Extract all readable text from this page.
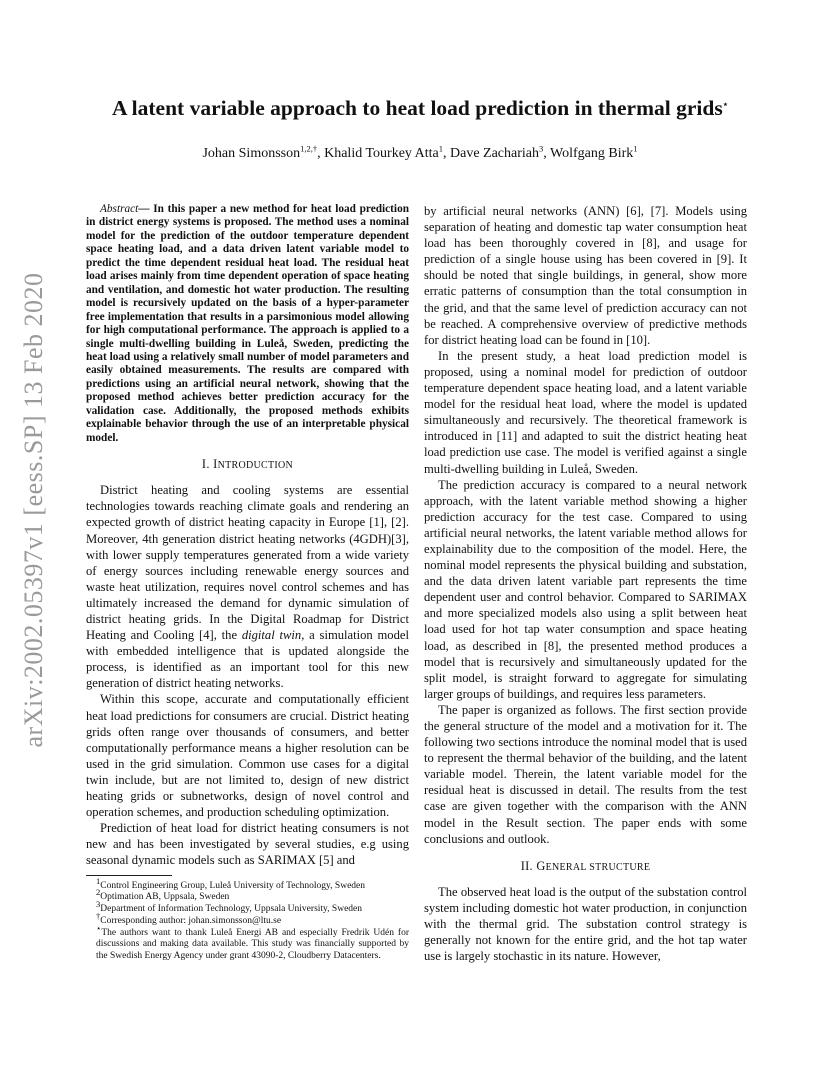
arXiv:2002.05397v1 [eess.SP] 13 Feb 2020
A latent variable approach to heat load prediction in thermal grids⋆
Johan Simonsson$^{1,2,\dagger}$, Khalid Tourkey Atta$^1$, Dave Zachariah$^3$, Wolfgang Birk$^1$

Abstract— In this paper a new method for heat load prediction in district energy systems is proposed. The method uses a nominal model for the prediction of the outdoor temperature dependent space heating load, and a data driven latent variable model to predict the time dependent residual heat load. The residual heat load arises mainly from time dependent operation of space heating and ventilation, and domestic hot water production. The resulting model is recursively updated on the basis of a hyper-parameter free implementation that results in a parsimonious model allowing for high computational performance. The approach is applied to a single multi-dwelling building in Luleå, Sweden, predicting the heat load using a relatively small number of model parameters and easily obtained measurements. The results are compared with predictions using an artificial neural network, showing that the proposed method achieves better prediction accuracy for the validation case. Additionally, the proposed methods exhibits explainable behavior through the use of an interpretable physical model.

I. INTRODUCTION

District heating and cooling systems are essential technologies towards reaching climate goals and rendering an expected growth of district heating capacity in Europe [1], [2]. Moreover, 4th generation district heating networks (4GDH)[3], with lower supply temperatures generated from a wide variety of energy sources including renewable energy sources and waste heat utilization, requires novel control schemes and has ultimately increased the demand for dynamic simulation of district heating grids. In the Digital Roadmap for District Heating and Cooling [4], the digital twin, a simulation model with embedded intelligence that is updated alongside the process, is identified as an important tool for this new generation of district heating networks.

Within this scope, accurate and computationally efficient heat load predictions for consumers are crucial. District heating grids often range over thousands of consumers, and better computationally performance means a higher resolution can be used in the grid simulation. Common use cases for a digital twin include, but are not limited to, design of new district heating grids or subnetworks, design of novel control and operation schemes, and production scheduling optimization.

Prediction of heat load for district heating consumers is not new and has been investigated by several studies, e.g using seasonal dynamic models such as SARIMAX [5] and

$^1$Control Engineering Group, Luleå University of Technology, Sweden

$^2$Optimation AB, Uppsala, Sweden

$^3$Department of Information Technology, Uppsala University, Sweden

†Corresponding author: johan.simonsson@ltu.se

⋆The authors want to thank Luleå Energi AB and especially Fredrik Udén for discussions and making data available. This study was financially supported by the Swedish Energy Agency under grant 43090-2, Cloudberry Datacenters.

by artificial neural networks (ANN) [6], [7]. Models using separation of heating and domestic tap water consumption heat load has been thoroughly covered in [8], and usage for prediction of a single house using has been covered in [9]. It should be noted that single buildings, in general, show more erratic patterns of consumption than the total consumption in the grid, and that the same level of prediction accuracy can not be reached. A comprehensive overview of predictive methods for district heating load can be found in [10].

In the present study, a heat load prediction model is proposed, using a nominal model for prediction of outdoor temperature dependent space heating load, and a latent variable model for the residual heat load, where the model is updated simultaneously and recursively. The theoretical framework is introduced in [11] and adapted to suit the district heating heat load prediction use case. The model is verified against a single multi-dwelling building in Luleå, Sweden.

The prediction accuracy is compared to a neural network approach, with the latent variable method showing a higher prediction accuracy for the test case. Compared to using artificial neural networks, the latent variable method allows for explainability due to the composition of the model. Here, the nominal model represents the physical building and substation, and the data driven latent variable part represents the time dependent user and control behavior. Compared to SARIMAX and more specialized models also using a split between heat load used for hot tap water consumption and space heating load, as described in [8], the presented method produces a model that is recursively and simultaneously updated for the split model, is straight forward to aggregate for simulating larger groups of buildings, and requires less parameters.

The paper is organized as follows. The first section provide the general structure of the model and a motivation for it. The following two sections introduce the nominal model that is used to represent the thermal behavior of the building, and the latent variable model. Therein, the latent variable model for the residual heat is discussed in detail. The results from the test case are given together with the comparison with the ANN model in the Result section. The paper ends with some conclusions and outlook.

II. GENERAL STRUCTURE

The observed heat load is the output of the substation control system including domestic hot water production, in conjunction with the thermal grid. The substation control strategy is generally not known for the entire grid, and the hot tap water use is largely stochastic in its nature. However,
